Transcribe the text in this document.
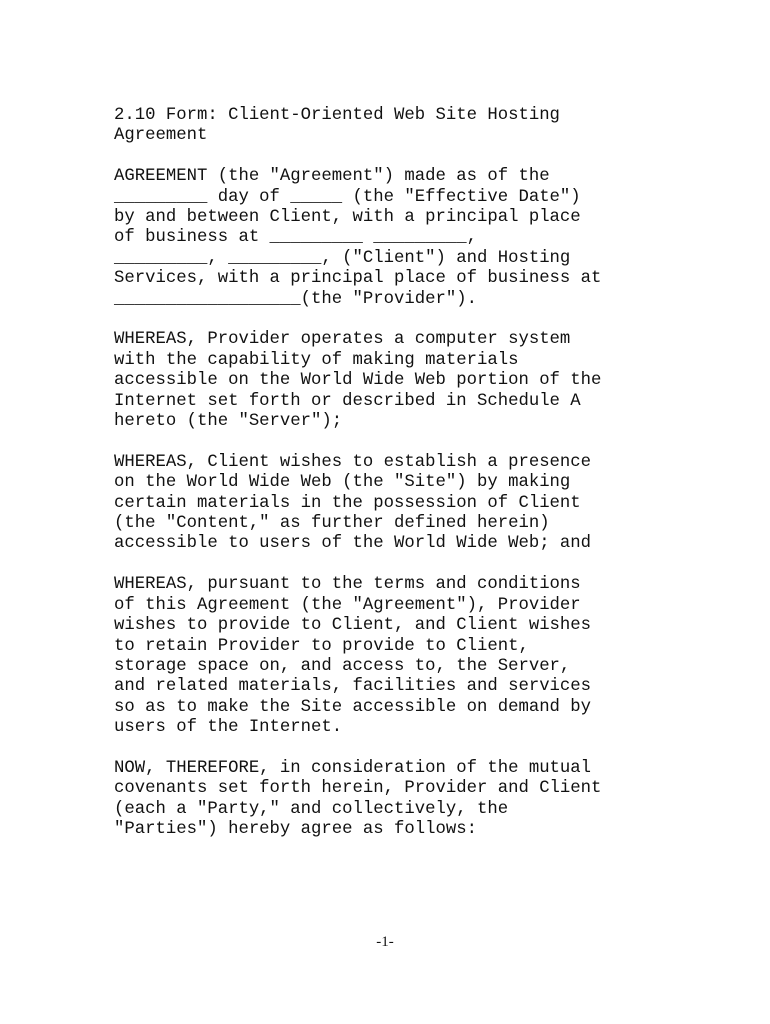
2.10 Form: Client-Oriented Web Site Hosting
Agreement

AGREEMENT (the "Agreement") made as of the
_________ day of _____ (the "Effective Date")
by and between Client, with a principal place
of business at _________ _________,
_________, _________, ("Client") and Hosting
Services, with a principal place of business at
__________________(the "Provider").

WHEREAS, Provider operates a computer system
with the capability of making materials
accessible on the World Wide Web portion of the
Internet set forth or described in Schedule A
hereto (the "Server");

WHEREAS, Client wishes to establish a presence
on the World Wide Web (the "Site") by making
certain materials in the possession of Client
(the "Content," as further defined herein)
accessible to users of the World Wide Web; and

WHEREAS, pursuant to the terms and conditions
of this Agreement (the "Agreement"), Provider
wishes to provide to Client, and Client wishes
to retain Provider to provide to Client,
storage space on, and access to, the Server,
and related materials, facilities and services
so as to make the Site accessible on demand by
users of the Internet.

NOW, THEREFORE, in consideration of the mutual
covenants set forth herein, Provider and Client
(each a "Party," and collectively, the
"Parties") hereby agree as follows:

-1-
